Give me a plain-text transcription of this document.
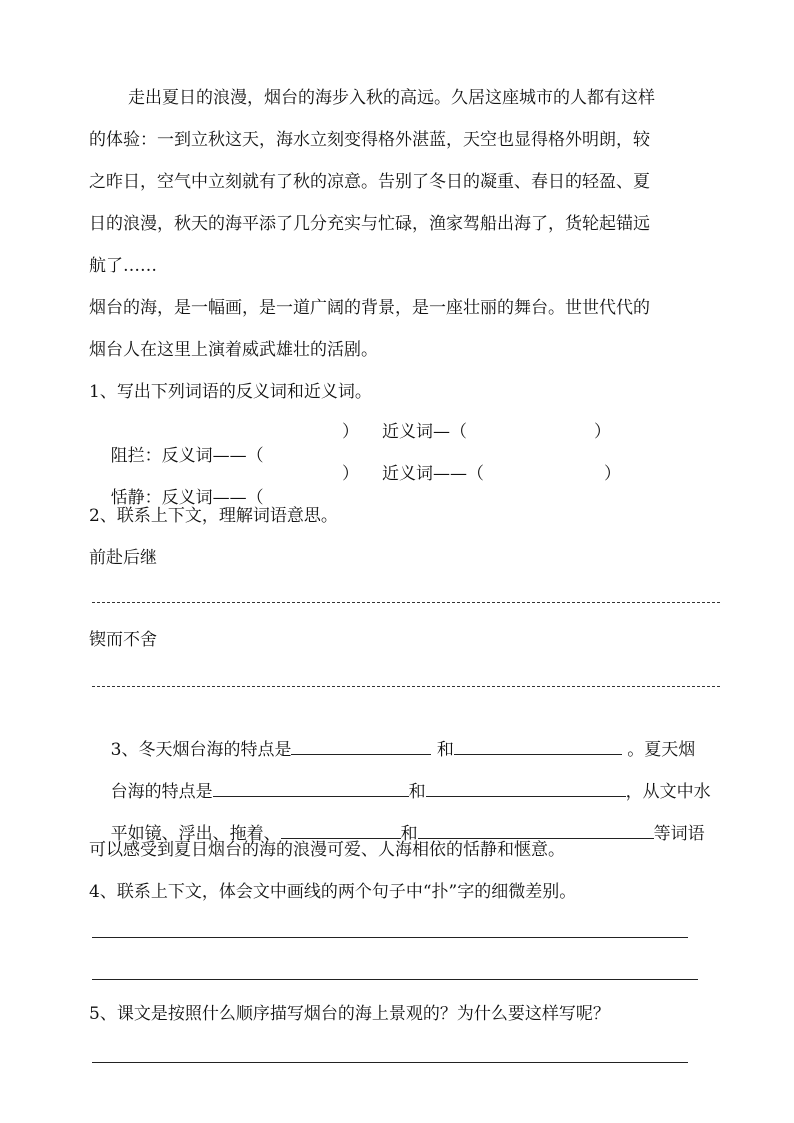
走出夏日的浪漫，烟台的海步入秋的高远。久居这座城市的人都有这样
的体验：一到立秋这天，海水立刻变得格外湛蓝，天空也显得格外明朗，较
之昨日，空气中立刻就有了秋的凉意。告别了冬日的凝重、春日的轻盈、夏
日的浪漫，秋天的海平添了几分充实与忙碌，渔家驾船出海了，货轮起锚远
航了……
烟台的海，是一幅画，是一道广阔的背景，是一座壮丽的舞台。世世代代的
烟台人在这里上演着威武雄壮的活剧。
1、写出下列词语的反义词和近义词。

阻拦：反义词——（

） 近义词—（	）

恬静：反义词——（

） 近义词——（	）
2、联系上下文，理解词语意思。
前赴后继
锲而不舍

3、冬天烟台海的特点是	和	。夏天烟

台海的特点是	和	，从文中水

平如镜、浮出、拖着、	和	等词语

可以感受到夏日烟台的海的浪漫可爱、人海相依的恬静和惬意。
4、联系上下文，体会文中画线的两个句子中“扑”字的细微差别。
5、课文是按照什么顺序描写烟台的海上景观的？为什么要这样写呢？
